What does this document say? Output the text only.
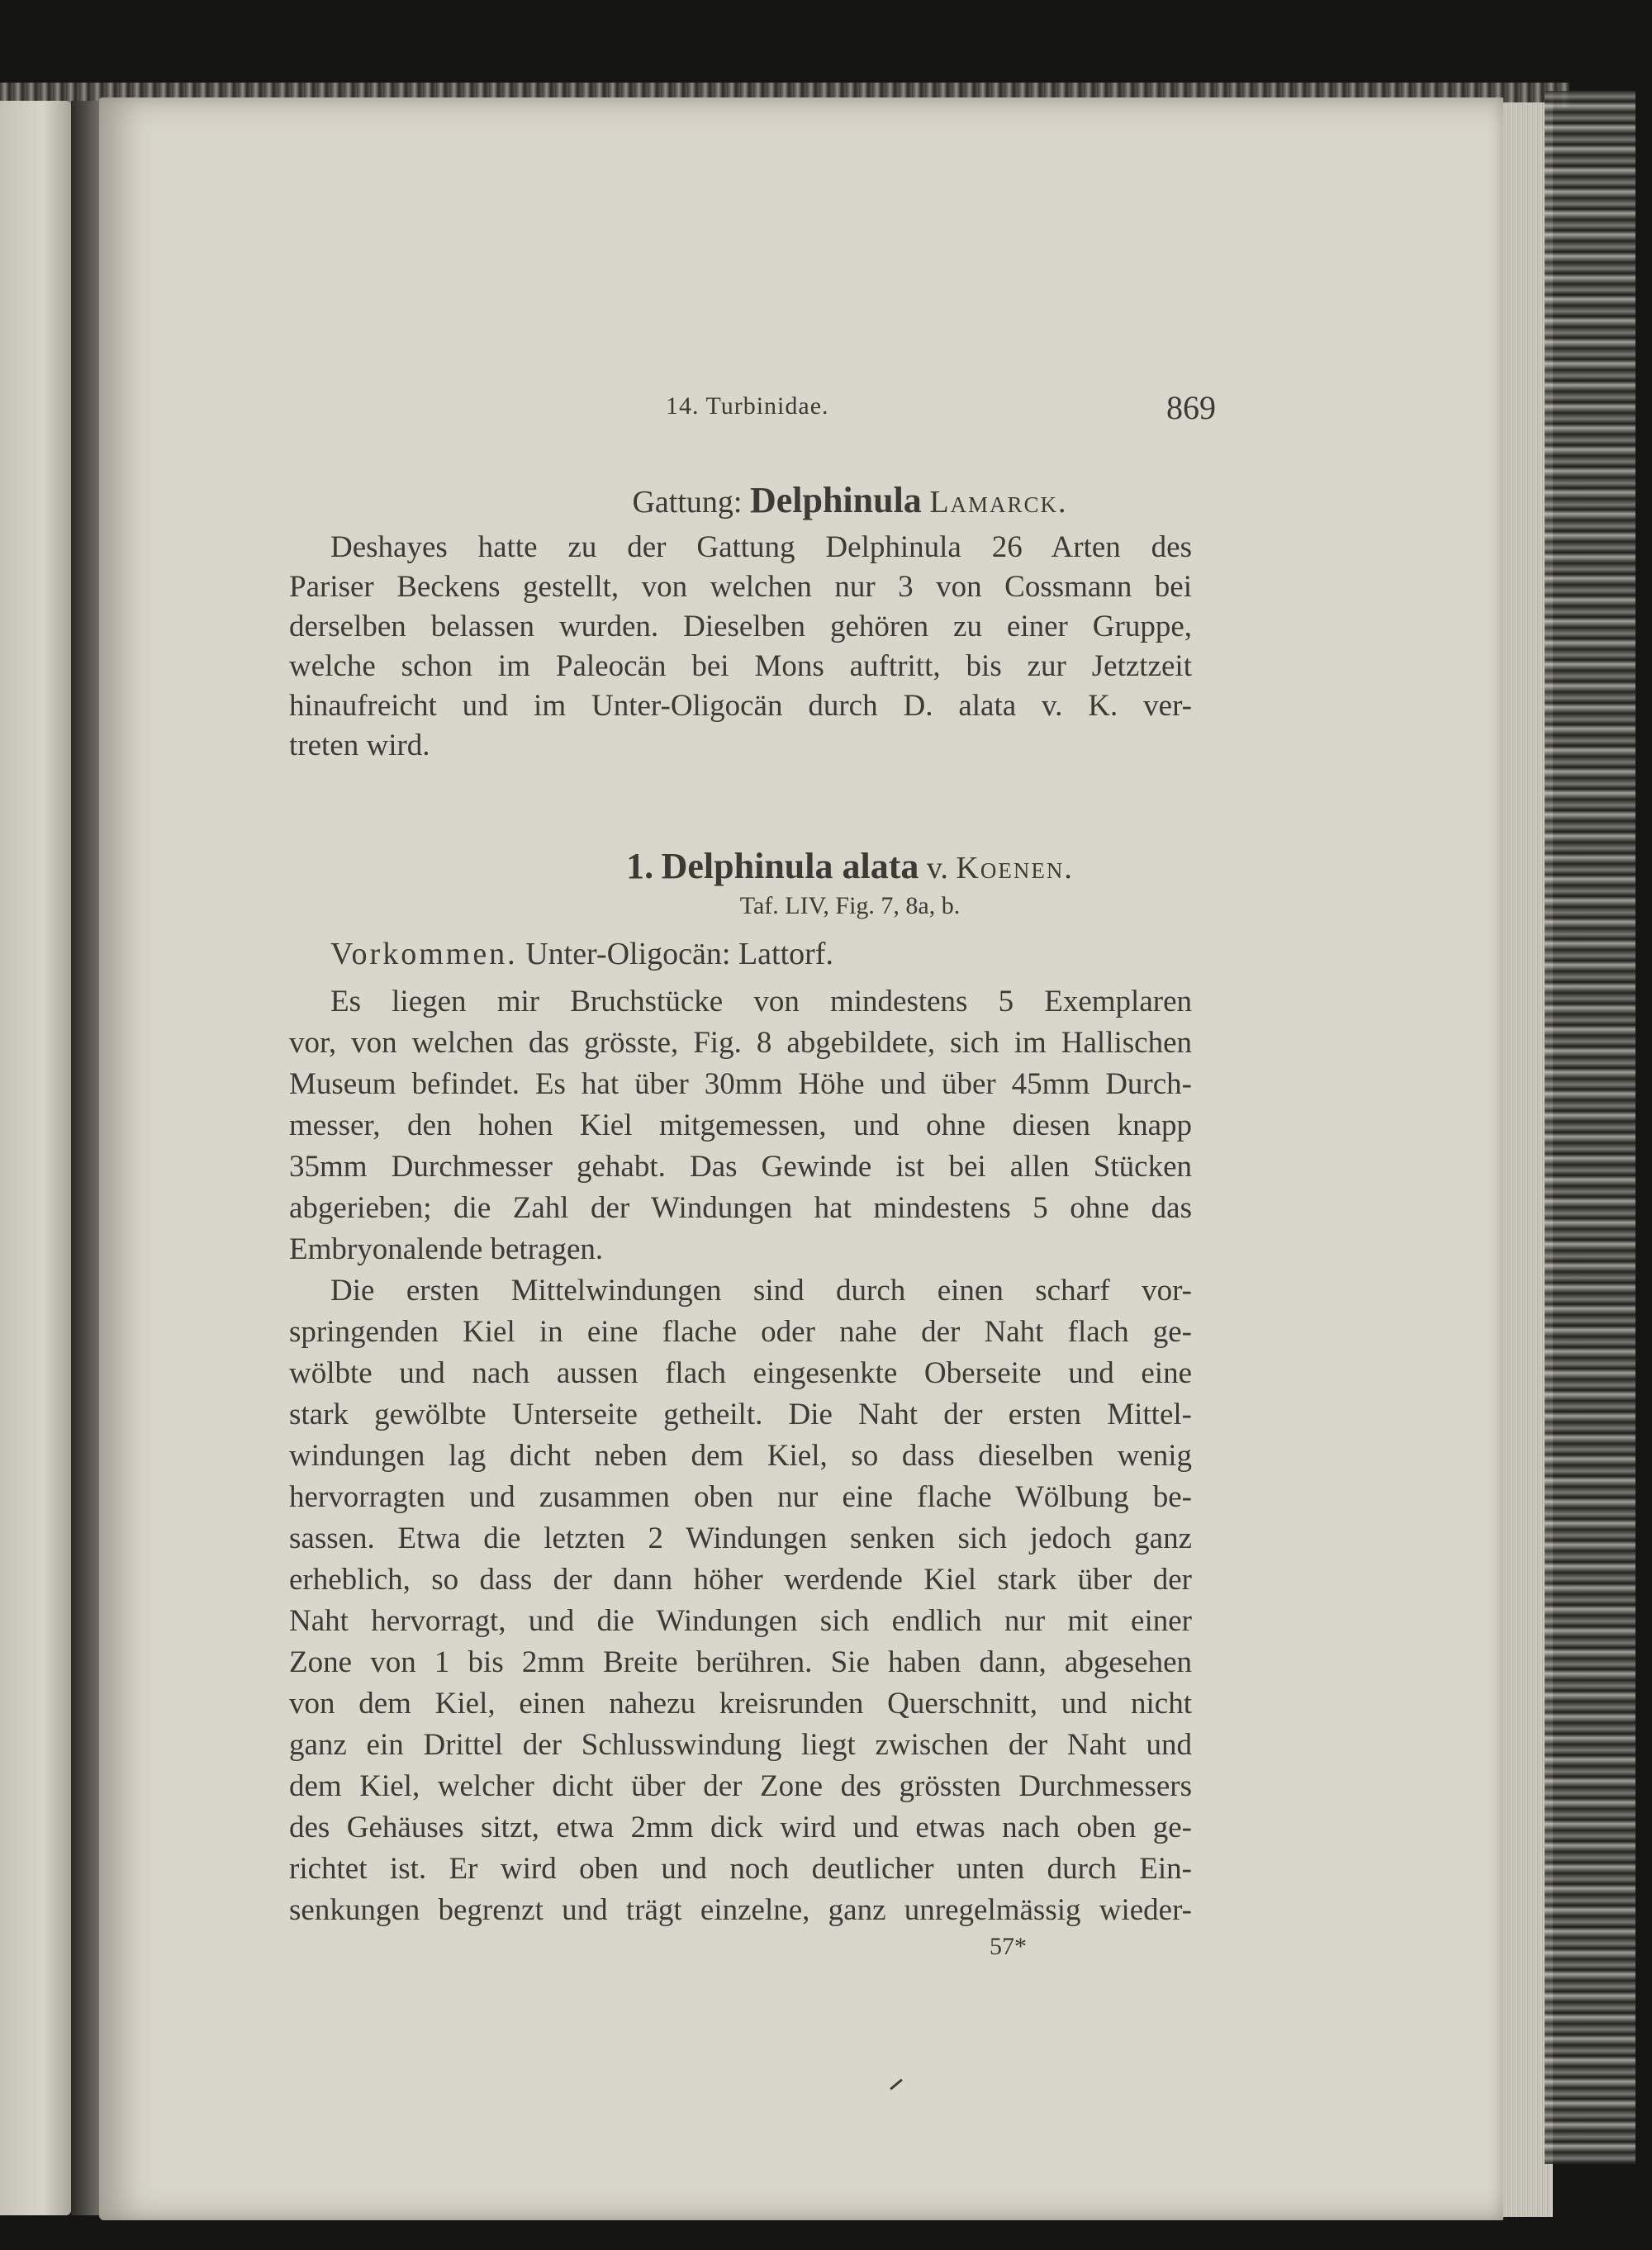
14. Turbinidae.	869
Gattung: Delphinula Lamarck.
Deshayes hatte zu der Gattung Delphinula 26 Arten des
Pariser Beckens gestellt, von welchen nur 3 von Cossmann bei
derselben belassen wurden. Dieselben gehören zu einer Gruppe,
welche schon im Paleocän bei Mons auftritt, bis zur Jetztzeit
hinaufreicht und im Unter-Oligocän durch D. alata v. K. ver-
treten wird.
1. Delphinula alata v. Koenen.
Taf. LIV, Fig. 7, 8a, b.
Vorkommen. Unter-Oligocän: Lattorf.
Es liegen mir Bruchstücke von mindestens 5 Exemplaren
vor, von welchen das grösste, Fig. 8 abgebildete, sich im Hallischen
Museum befindet. Es hat über 30mm Höhe und über 45mm Durch-
messer, den hohen Kiel mitgemessen, und ohne diesen knapp
35mm Durchmesser gehabt. Das Gewinde ist bei allen Stücken
abgerieben; die Zahl der Windungen hat mindestens 5 ohne das
Embryonalende betragen.
Die ersten Mittelwindungen sind durch einen scharf vor-
springenden Kiel in eine flache oder nahe der Naht flach ge-
wölbte und nach aussen flach eingesenkte Oberseite und eine
stark gewölbte Unterseite getheilt. Die Naht der ersten Mittel-
windungen lag dicht neben dem Kiel, so dass dieselben wenig
hervorragten und zusammen oben nur eine flache Wölbung be-
sassen. Etwa die letzten 2 Windungen senken sich jedoch ganz
erheblich, so dass der dann höher werdende Kiel stark über der
Naht hervorragt, und die Windungen sich endlich nur mit einer
Zone von 1 bis 2mm Breite berühren. Sie haben dann, abgesehen
von dem Kiel, einen nahezu kreisrunden Querschnitt, und nicht
ganz ein Drittel der Schlusswindung liegt zwischen der Naht und
dem Kiel, welcher dicht über der Zone des grössten Durchmessers
des Gehäuses sitzt, etwa 2mm dick wird und etwas nach oben ge-
richtet ist. Er wird oben und noch deutlicher unten durch Ein-
senkungen begrenzt und trägt einzelne, ganz unregelmässig wieder-
57*
